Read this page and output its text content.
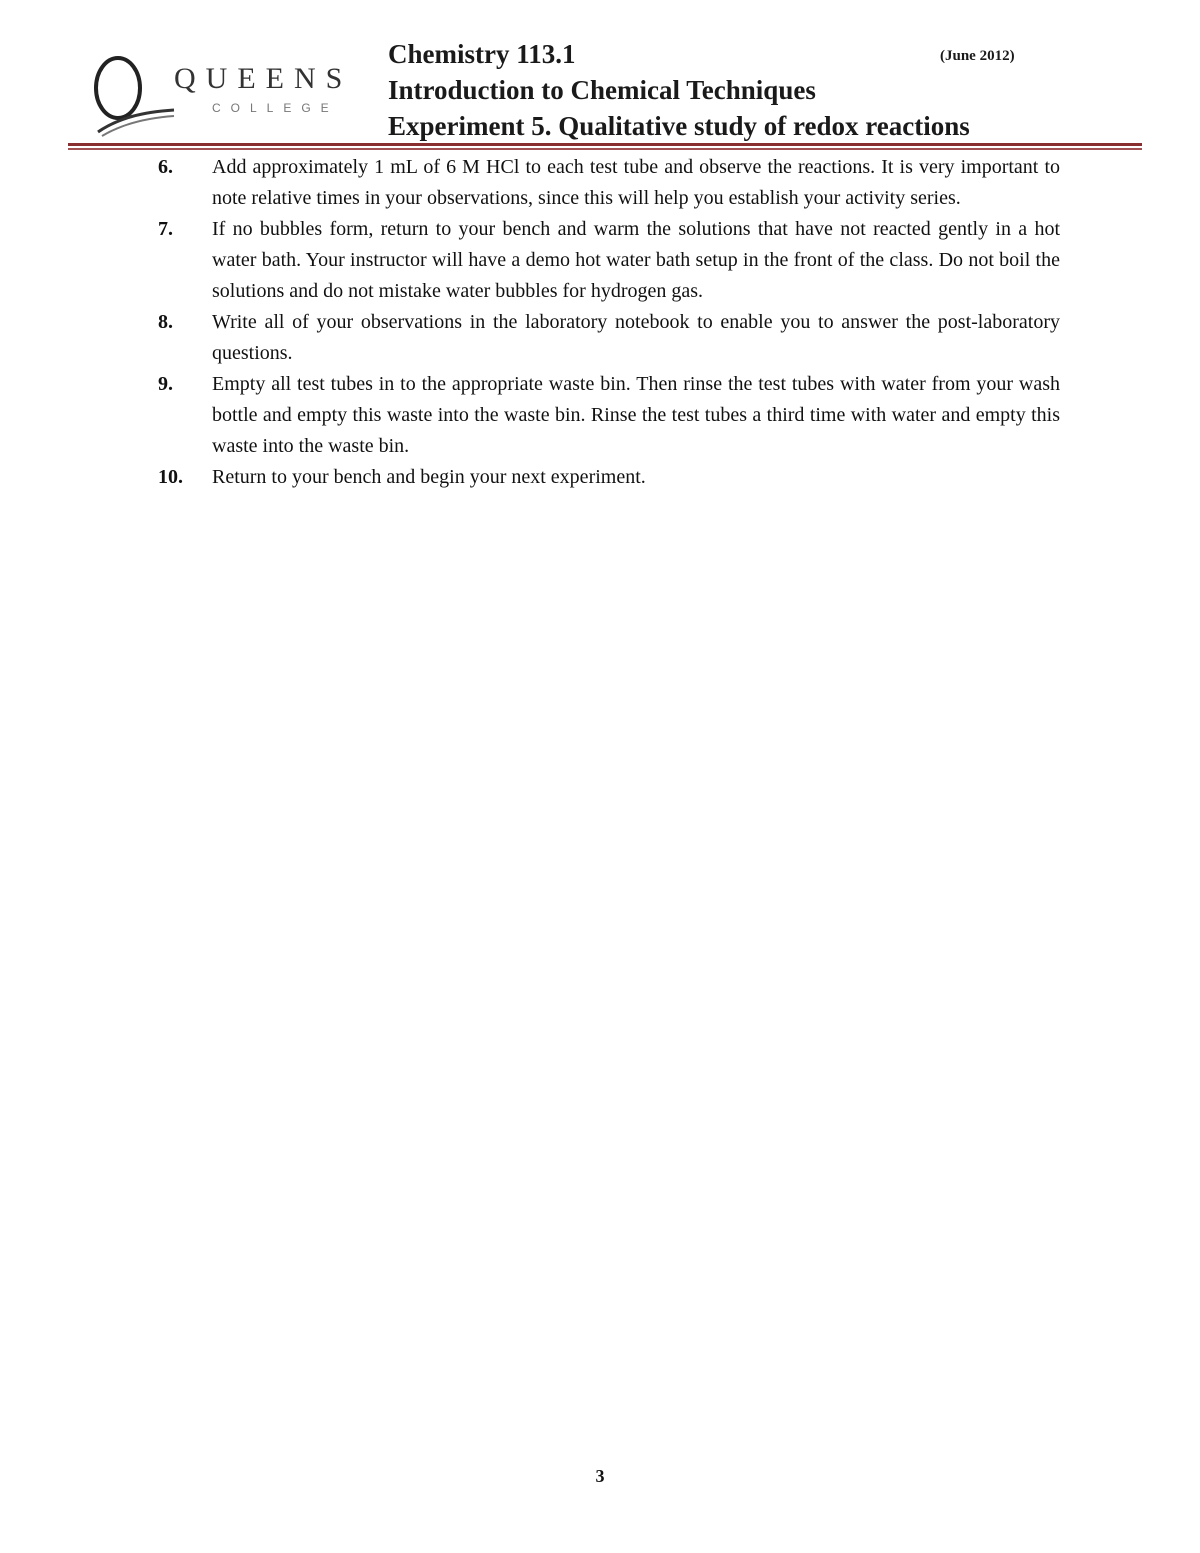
Q
QUEENS
COLLEGE
Chemistry 113.1
Introduction to Chemical Techniques
Experiment 5. Qualitative study of redox reactions
(June 2012)
6. Add approximately 1 mL of 6 M HCl to each test tube and observe the reactions. It is very important to note relative times in your observations, since this will help you establish your activity series.
7. If no bubbles form, return to your bench and warm the solutions that have not reacted gently in a hot water bath. Your instructor will have a demo hot water bath setup in the front of the class. Do not boil the solutions and do not mistake water bubbles for hydrogen gas.
8. Write all of your observations in the laboratory notebook to enable you to answer the post-laboratory questions.
9. Empty all test tubes in to the appropriate waste bin. Then rinse the test tubes with water from your wash bottle and empty this waste into the waste bin. Rinse the test tubes a third time with water and empty this waste into the waste bin.
10. Return to your bench and begin your next experiment.
3
